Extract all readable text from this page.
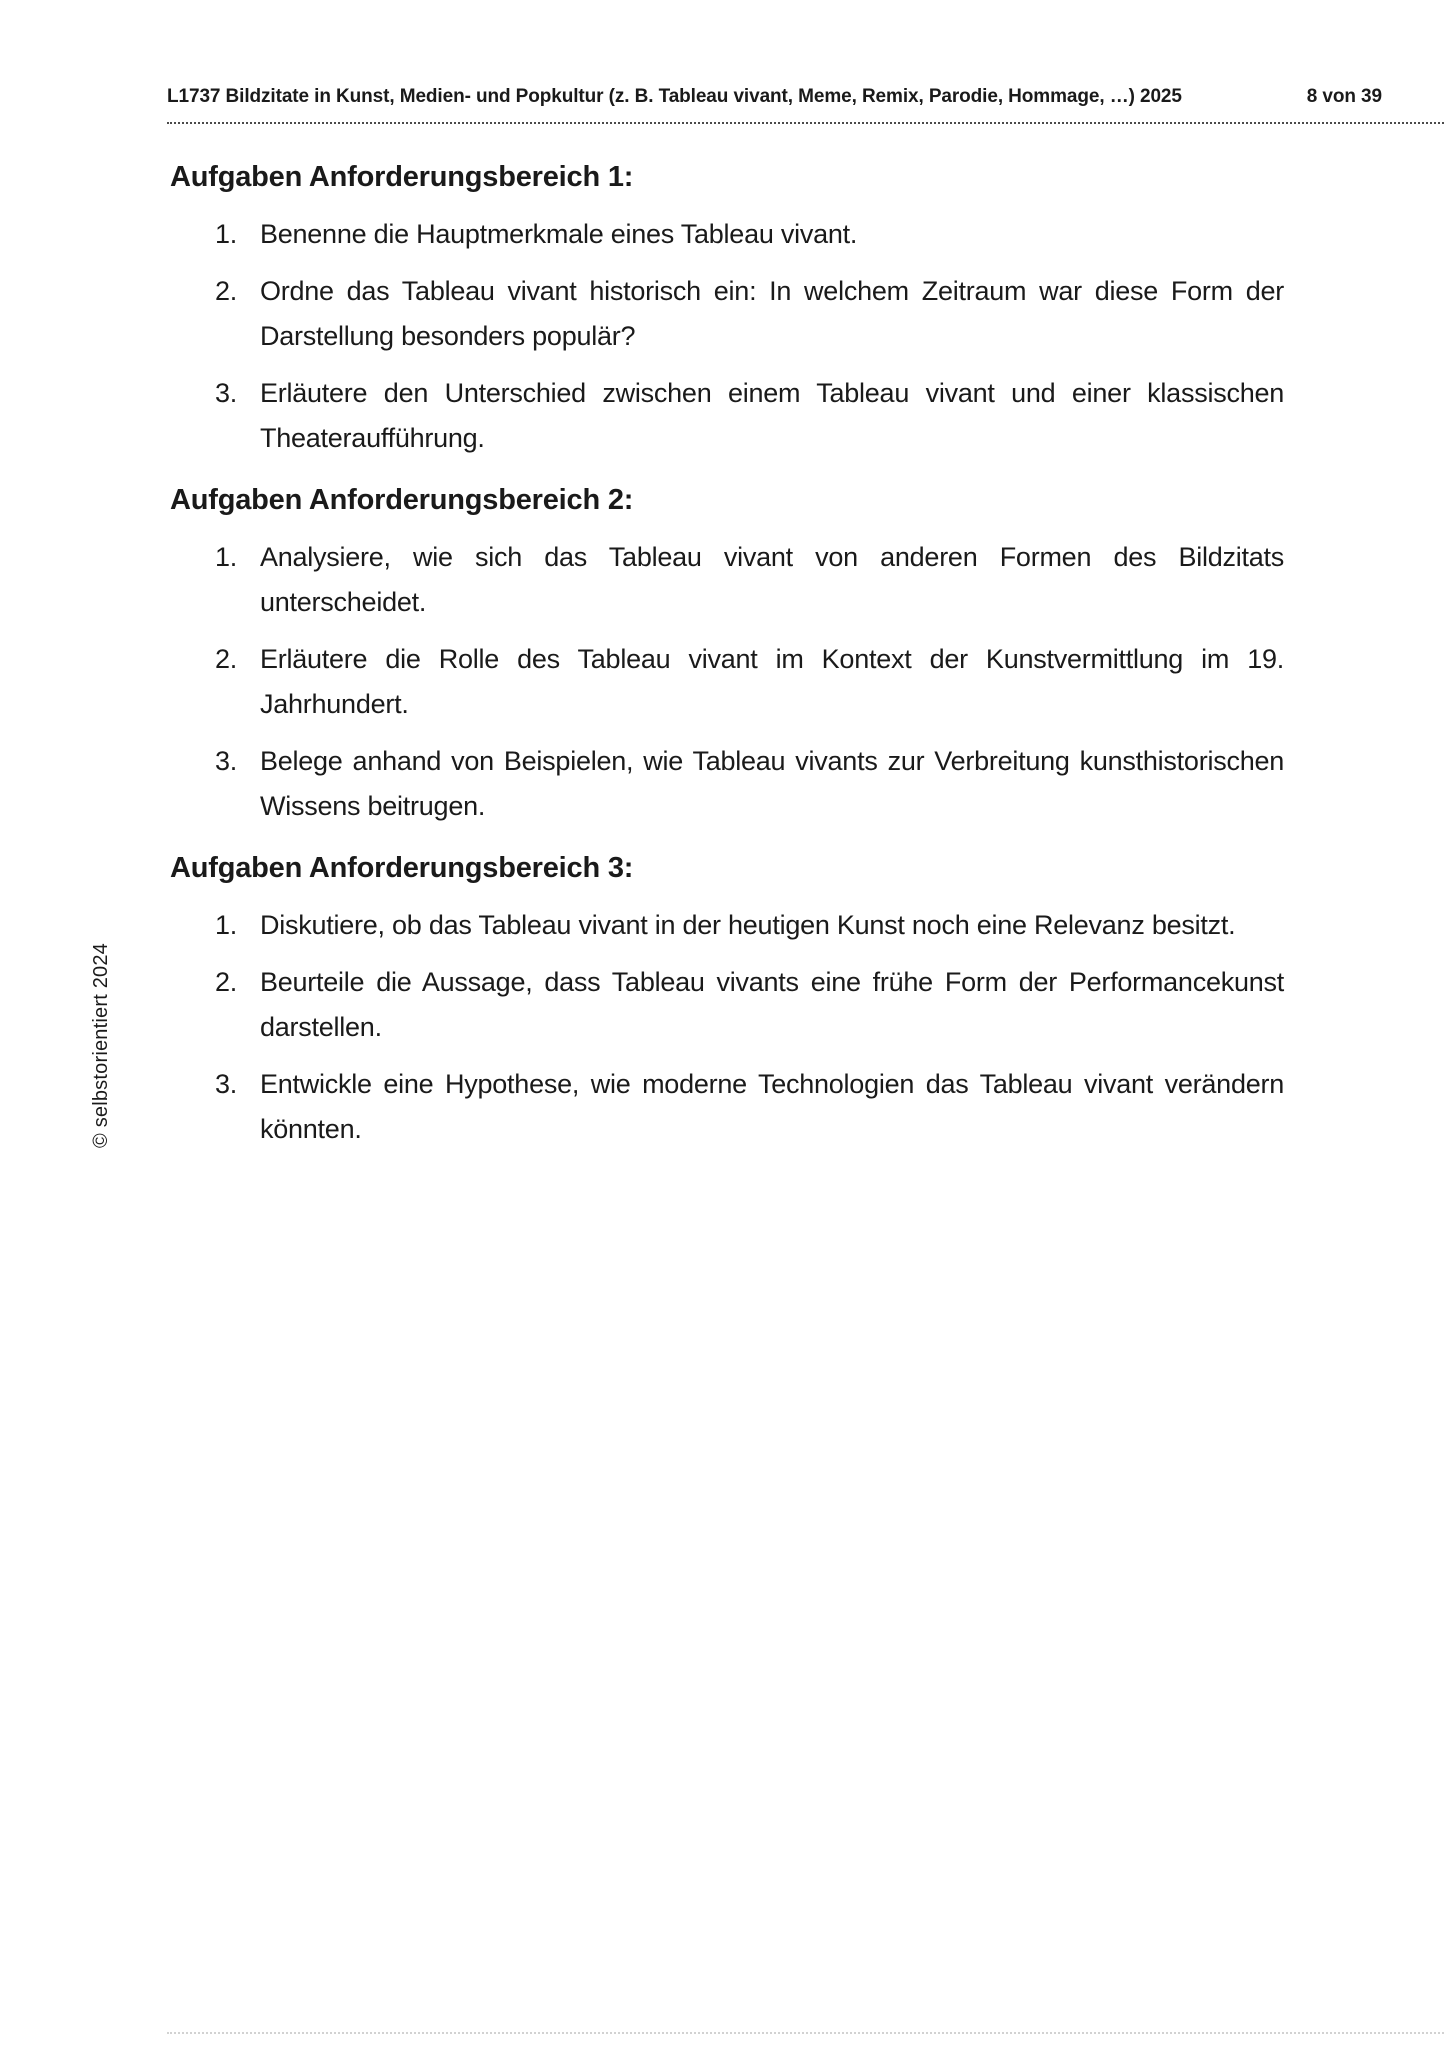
L1737 Bildzitate in Kunst, Medien- und Popkultur (z. B. Tableau vivant, Meme, Remix, Parodie, Hommage, …) 2025	8 von 39
Aufgaben Anforderungsbereich 1:
1. Benenne die Hauptmerkmale eines Tableau vivant.
2. Ordne das Tableau vivant historisch ein: In welchem Zeitraum war diese Form der Darstellung besonders populär?
3. Erläutere den Unterschied zwischen einem Tableau vivant und einer klassischen Theateraufführung.
Aufgaben Anforderungsbereich 2:
1. Analysiere, wie sich das Tableau vivant von anderen Formen des Bildzitats unterscheidet.
2. Erläutere die Rolle des Tableau vivant im Kontext der Kunstvermittlung im 19. Jahrhundert.
3. Belege anhand von Beispielen, wie Tableau vivants zur Verbreitung kunsthistorischen Wissens beitrugen.
Aufgaben Anforderungsbereich 3:
1. Diskutiere, ob das Tableau vivant in der heutigen Kunst noch eine Relevanz besitzt.
2. Beurteile die Aussage, dass Tableau vivants eine frühe Form der Performancekunst darstellen.
3. Entwickle eine Hypothese, wie moderne Technologien das Tableau vivant verändern könnten.
© selbstorientiert 2024
